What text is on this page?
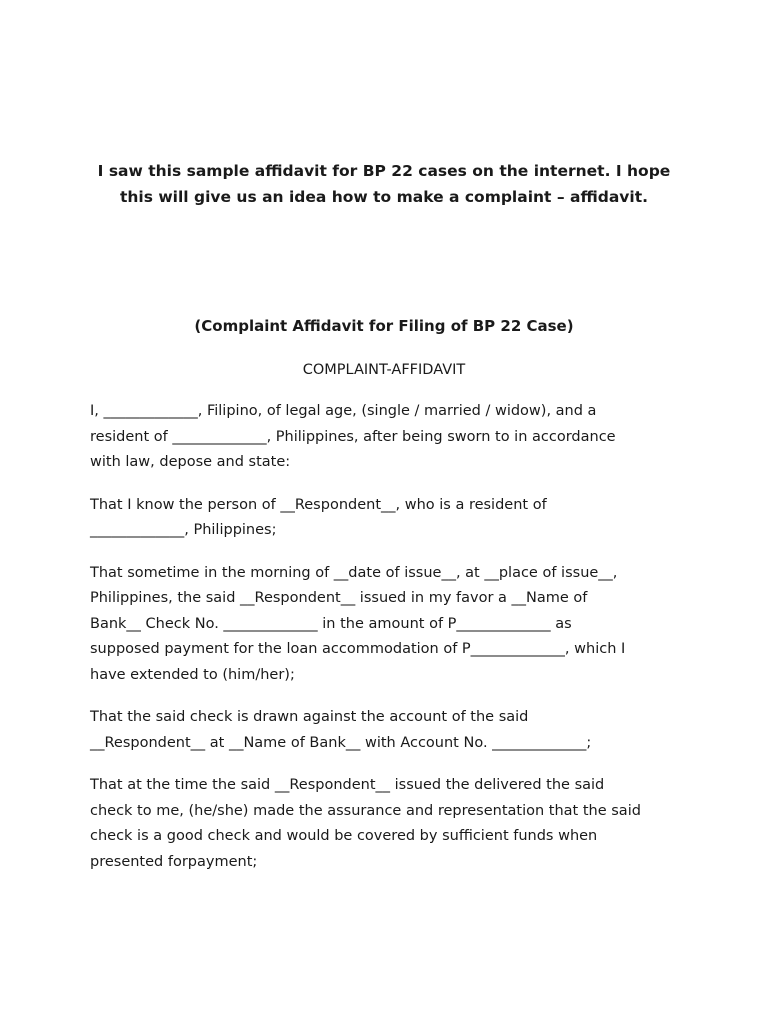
I saw this sample affidavit for BP 22 cases on the internet. I hope
this will give us an idea how to make a complaint – affidavit.

(Complaint Affidavit for Filing of BP 22 Case)

COMPLAINT-AFFIDAVIT

I, _____________, Filipino, of legal age, (single / married / widow), and a
resident of _____________, Philippines, after being sworn to in accordance
with law, depose and state:

That I know the person of __Respondent__, who is a resident of
_____________, Philippines;

That sometime in the morning of __date of issue__, at __place of issue__,
Philippines, the said __Respondent__ issued in my favor a __Name of
Bank__ Check No. _____________ in the amount of P_____________ as
supposed payment for the loan accommodation of P_____________, which I
have extended to (him/her);

That the said check is drawn against the account of the said
__Respondent__ at __Name of Bank__ with Account No. _____________;

That at the time the said __Respondent__ issued the delivered the said
check to me, (he/she) made the assurance and representation that the said
check is a good check and would be covered by sufficient funds when
presented forpayment;
